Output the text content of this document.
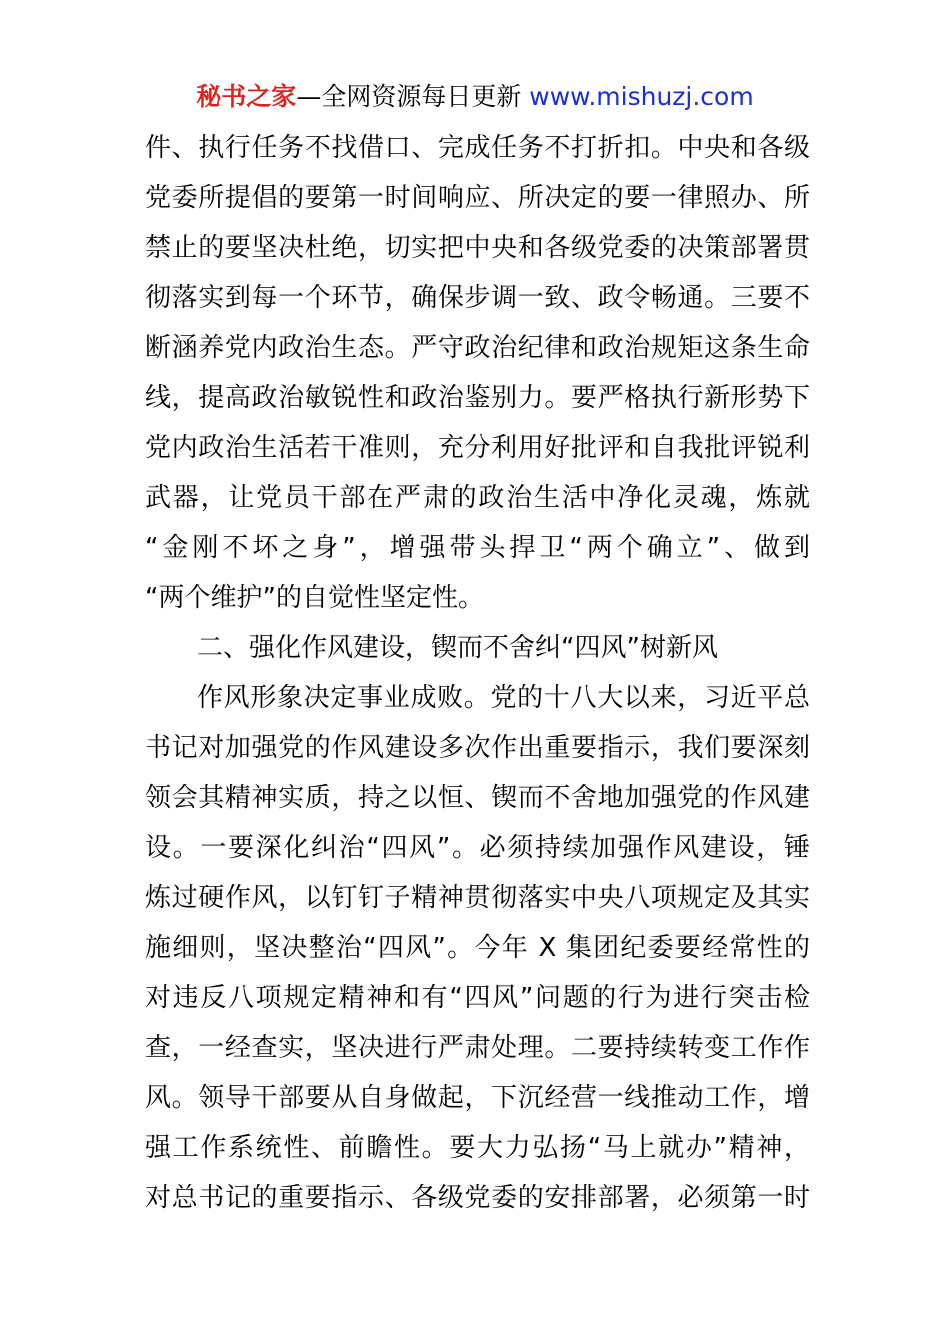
秘书之家—全网资源每日更新 www.mishuzj.com
件、执行任务不找借口、完成任务不打折扣。中央和各级
党委所提倡的要第一时间响应、所决定的要一律照办、所
禁止的要坚决杜绝，切实把中央和各级党委的决策部署贯
彻落实到每一个环节，确保步调一致、政令畅通。三要不
断涵养党内政治生态。严守政治纪律和政治规矩这条生命
线，提高政治敏锐性和政治鉴别力。要严格执行新形势下
党内政治生活若干准则，充分利用好批评和自我批评锐利
武器，让党员干部在严肃的政治生活中净化灵魂，炼就
“金刚不坏之身”，增强带头捍卫“两个确立”、做到
“两个维护”的自觉性坚定性。
二、强化作风建设，锲而不舍纠“四风”树新风
作风形象决定事业成败。党的十八大以来，习近平总
书记对加强党的作风建设多次作出重要指示，我们要深刻
领会其精神实质，持之以恒、锲而不舍地加强党的作风建
设。一要深化纠治“四风”。必须持续加强作风建设，锤
炼过硬作风，以钉钉子精神贯彻落实中央八项规定及其实
施细则，坚决整治“四风”。今年 X 集团纪委要经常性的
对违反八项规定精神和有“四风”问题的行为进行突击检
查，一经查实，坚决进行严肃处理。二要持续转变工作作
风。领导干部要从自身做起，下沉经营一线推动工作，增
强工作系统性、前瞻性。要大力弘扬“马上就办”精神，
对总书记的重要指示、各级党委的安排部署，必须第一时
